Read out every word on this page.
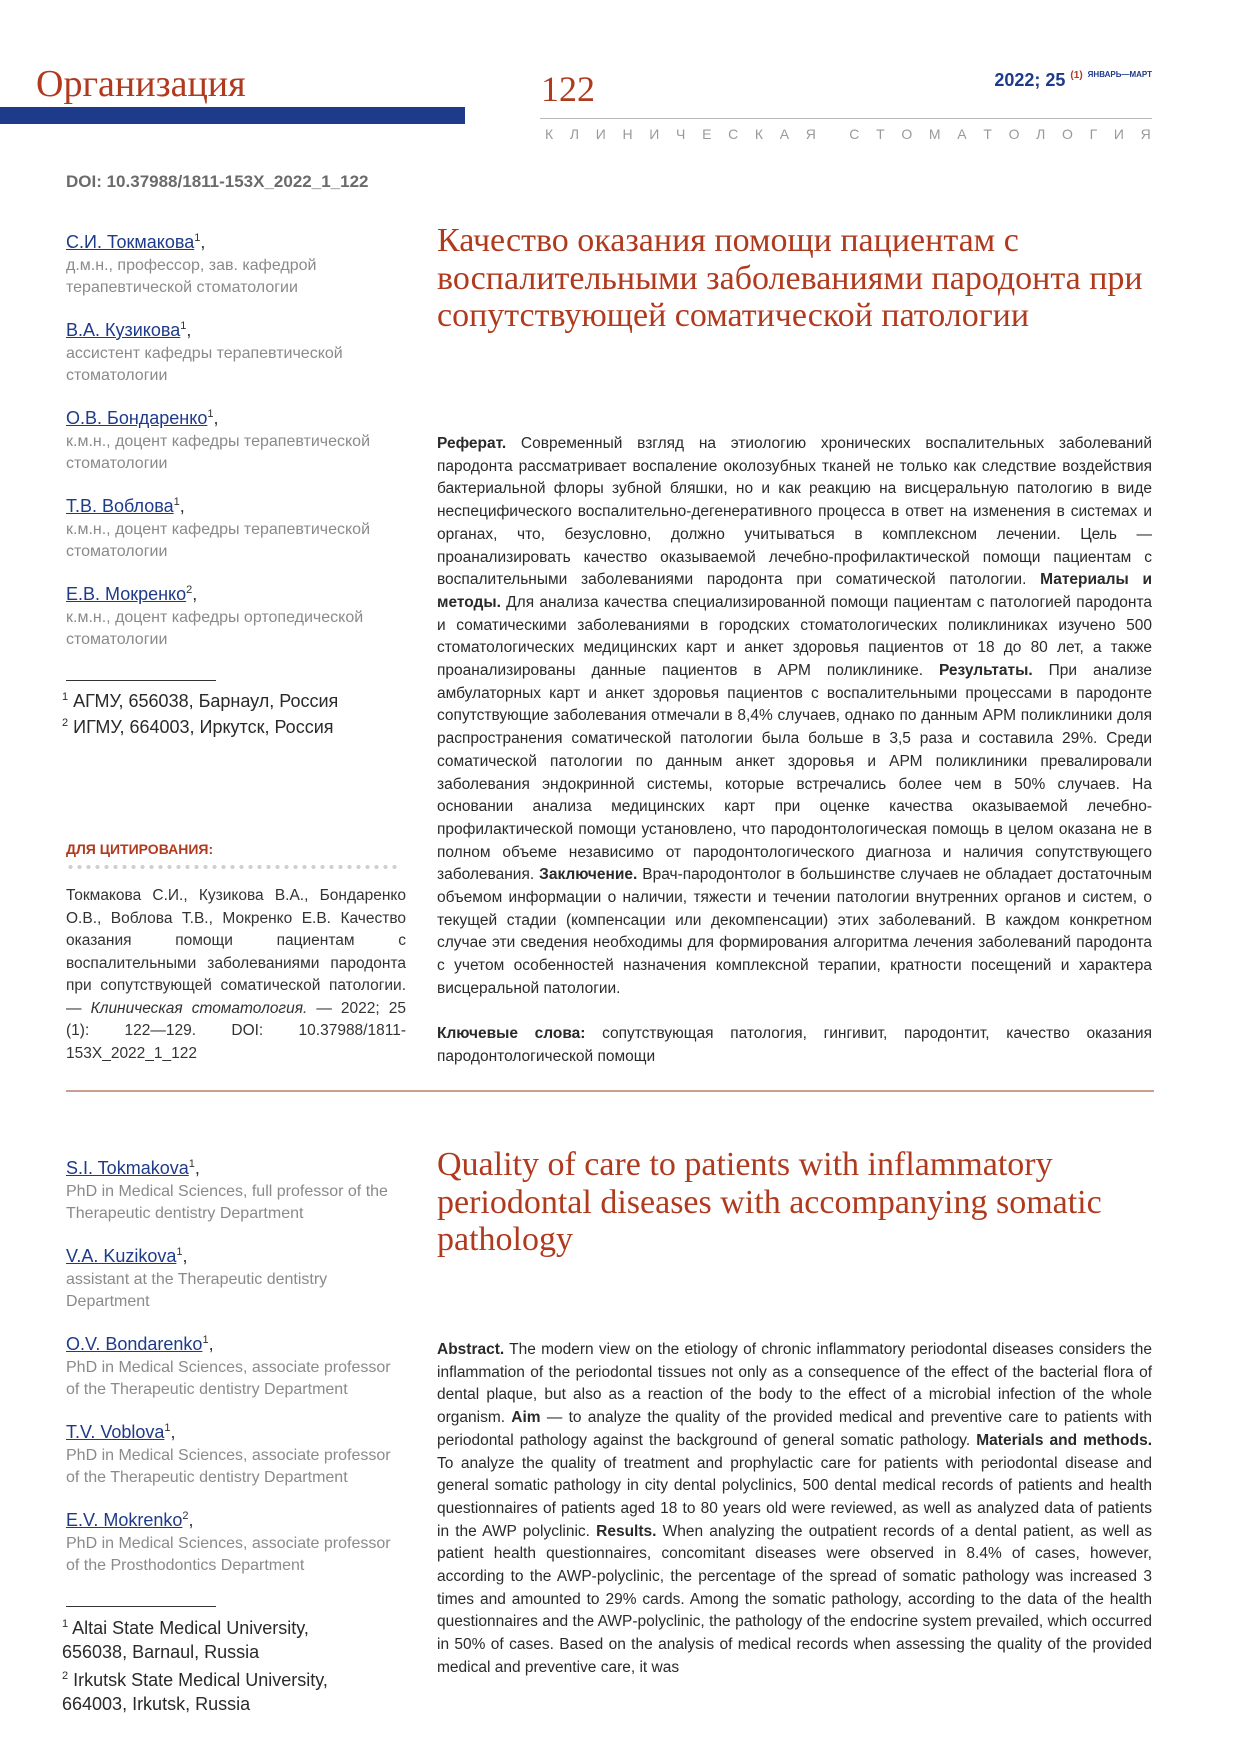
Организация	122	2022; 25 $^{(1)}$ $^{ЯНВАРЬ—МАРТ}$
К Л И Н И Ч Е С К А Я С Т О М А Т О Л О Г И Я
DOI: 10.37988/1811-153X_2022_1_122
С.И. Токмакова$^1$,
д.м.н., профессор, зав. кафедрой терапевтической стоматологии
В.А. Кузикова$^1$,
ассистент кафедры терапевтической стоматологии
О.В. Бондаренко$^1$,
к.м.н., доцент кафедры терапевтической стоматологии
Т.В. Воблова$^1$,
к.м.н., доцент кафедры терапевтической стоматологии
Е.В. Мокренко$^2$,
к.м.н., доцент кафедры ортопедической стоматологии
$^1$ АГМУ, 656038, Барнаул, Россия
$^2$ ИГМУ, 664003, Иркутск, Россия
ДЛЯ ЦИТИРОВАНИЯ:
Токмакова С.И., Кузикова В.А., Бондаренко О.В., Воблова Т.В., Мокренко Е.В. Качество оказания помощи пациентам с воспалительными заболеваниями пародонта при сопутствующей соматической патологии. — Клиническая стоматология. — 2022; 25 (1): 122—129. DOI: 10.37988/1811-153X_2022_1_122
Качество оказания помощи пациентам с воспалительными заболеваниями пародонта при сопутствующей соматической патологии
Реферат. Современный взгляд на этиологию хронических воспалительных заболеваний пародонта рассматривает воспаление околозубных тканей не только как следствие воздействия бактериальной флоры зубной бляшки, но и как реакцию на висцеральную патологию в виде неспецифического воспалительно-дегенеративного процесса в ответ на изменения в системах и органах, что, безусловно, должно учитываться в комплексном лечении. Цель — проанализировать качество оказываемой лечебно-профилактической помощи пациентам с воспалительными заболеваниями пародонта при соматической патологии. Материалы и методы. Для анализа качества специализированной помощи пациентам с патологией пародонта и соматическими заболеваниями в городских стоматологических поликлиниках изучено 500 стоматологических медицинских карт и анкет здоровья пациентов от 18 до 80 лет, а также проанализированы данные пациентов в АРМ поликлинике. Результаты. При анализе амбулаторных карт и анкет здоровья пациентов с воспалительными процессами в пародонте сопутствующие заболевания отмечали в 8,4% случаев, однако по данным АРМ поликлиники доля распространения соматической патологии была больше в 3,5 раза и составила 29%. Среди соматической патологии по данным анкет здоровья и АРМ поликлиники превалировали заболевания эндокринной системы, которые встречались более чем в 50% случаев. На основании анализа медицинских карт при оценке качества оказываемой лечебно-профилактической помощи установлено, что пародонтологическая помощь в целом оказана не в полном объеме независимо от пародонтологического диагноза и наличия сопутствующего заболевания. Заключение. Врач-пародонтолог в большинстве случаев не обладает достаточным объемом информации о наличии, тяжести и течении патологии внутренних органов и систем, о текущей стадии (компенсации или декомпенсации) этих заболеваний. В каждом конкретном случае эти сведения необходимы для формирования алгоритма лечения заболеваний пародонта с учетом особенностей назначения комплексной терапии, кратности посещений и характера висцеральной патологии.
Ключевые слова: сопутствующая патология, гингивит, пародонтит, качество оказания пародонтологической помощи
S.I. Tokmakova$^1$,
PhD in Medical Sciences, full professor of the Therapeutic dentistry Department
V.A. Kuzikova$^1$,
assistant at the Therapeutic dentistry Department
O.V. Bondarenko$^1$,
PhD in Medical Sciences, associate professor of the Therapeutic dentistry Department
T.V. Voblova$^1$,
PhD in Medical Sciences, associate professor of the Therapeutic dentistry Department
E.V. Mokrenko$^2$,
PhD in Medical Sciences, associate professor of the Prosthodontics Department
$^1$ Altai State Medical University, 656038, Barnaul, Russia
$^2$ Irkutsk State Medical University, 664003, Irkutsk, Russia
Quality of care to patients with inflammatory periodontal diseases with accompanying somatic pathology
Abstract. The modern view on the etiology of chronic inflammatory periodontal diseases considers the inflammation of the periodontal tissues not only as a consequence of the effect of the bacterial flora of dental plaque, but also as a reaction of the body to the effect of a microbial infection of the whole organism. Aim — to analyze the quality of the provided medical and preventive care to patients with periodontal pathology against the background of general somatic pathology. Materials and methods. To analyze the quality of treatment and prophylactic care for patients with periodontal disease and general somatic pathology in city dental polyclinics, 500 dental medical records of patients and health questionnaires of patients aged 18 to 80 years old were reviewed, as well as analyzed data of patients in the AWP polyclinic. Results. When analyzing the outpatient records of a dental patient, as well as patient health questionnaires, concomitant diseases were observed in 8.4% of cases, however, according to the AWP-polyclinic, the percentage of the spread of somatic pathology was increased 3 times and amounted to 29% cards. Among the somatic pathology, according to the data of the health questionnaires and the AWP-polyclinic, the pathology of the endocrine system prevailed, which occurred in 50% of cases. Based on the analysis of medical records when assessing the quality of the provided medical and preventive care, it was
